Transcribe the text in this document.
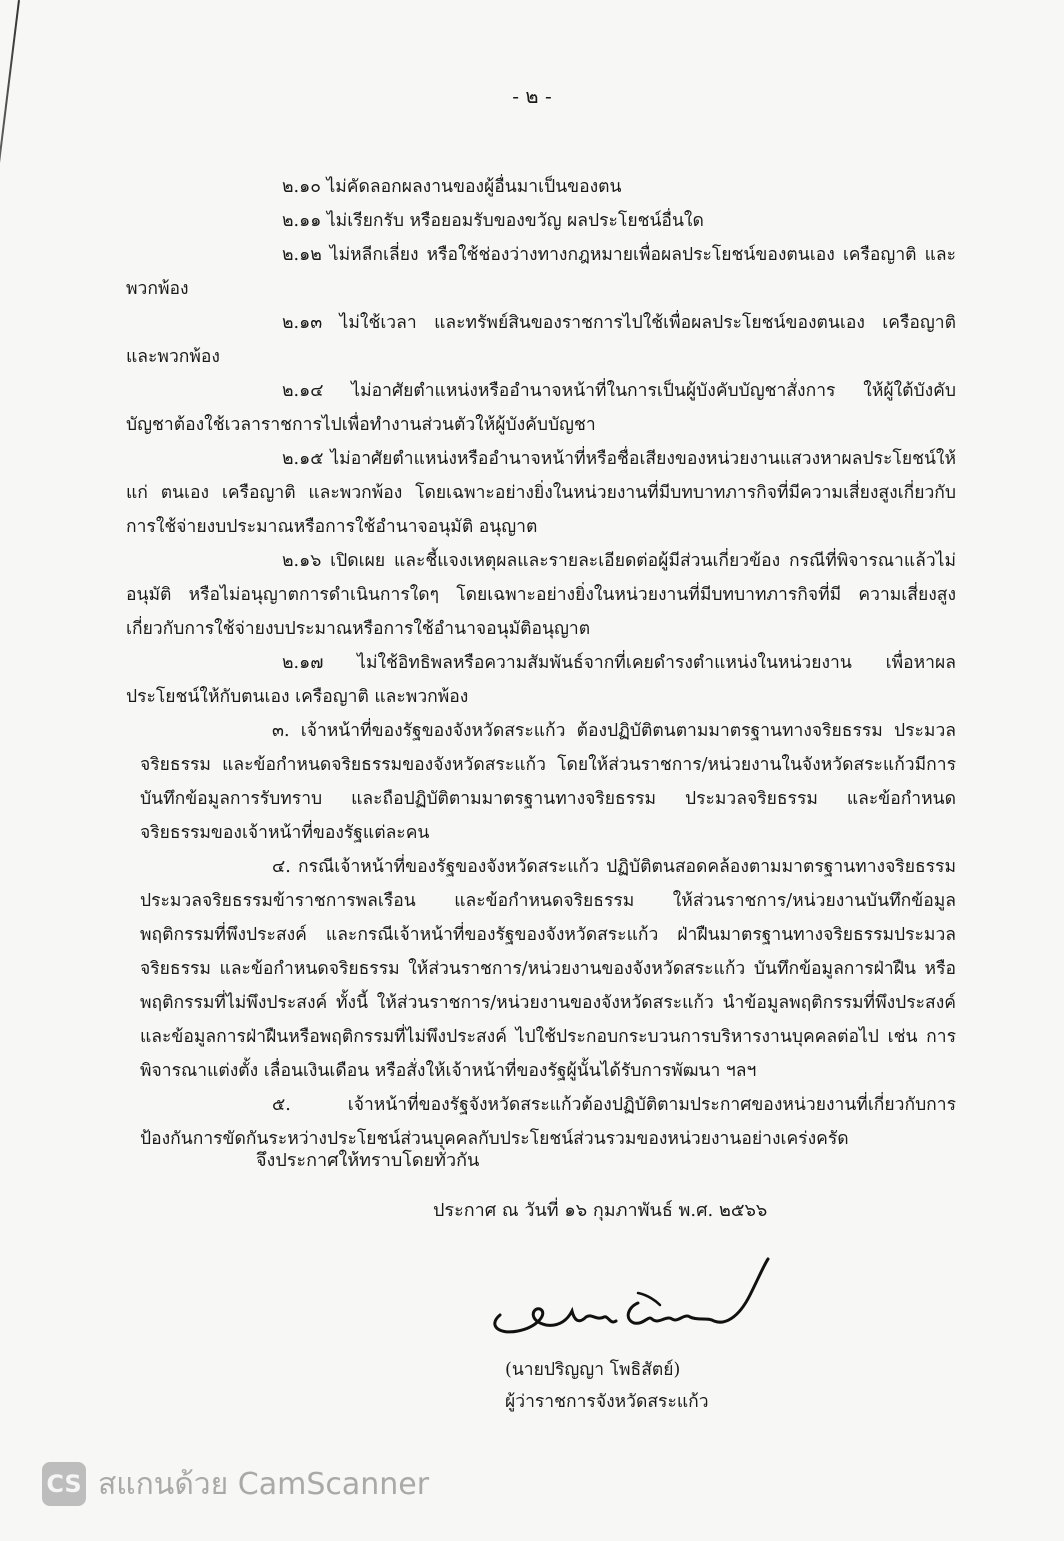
- ๒ -

๒.๑๐ ไม่คัดลอกผลงานของผู้อื่นมาเป็นของตน

๒.๑๑ ไม่เรียกรับ หรือยอมรับของขวัญ ผลประโยชน์อื่นใด

๒.๑๒ ไม่หลีกเลี่ยง หรือใช้ช่องว่างทางกฎหมายเพื่อผลประโยชน์ของตนเอง เครือญาติ และพวกพ้อง

๒.๑๓ ไม่ใช้เวลา และทรัพย์สินของราชการไปใช้เพื่อผลประโยชน์ของตนเอง เครือญาติ และพวกพ้อง

๒.๑๔ ไม่อาศัยตำแหน่งหรืออำนาจหน้าที่ในการเป็นผู้บังคับบัญชาสั่งการ ให้ผู้ใต้บังคับบัญชาต้องใช้เวลาราชการไปเพื่อทำงานส่วนตัวให้ผู้บังคับบัญชา

๒.๑๕ ไม่อาศัยตำแหน่งหรืออำนาจหน้าที่หรือชื่อเสียงของหน่วยงานแสวงหาผลประโยชน์ให้แก่ ตนเอง เครือญาติ และพวกพ้อง โดยเฉพาะอย่างยิ่งในหน่วยงานที่มีบทบาทภารกิจที่มีความเสี่ยงสูงเกี่ยวกับการใช้จ่ายงบประมาณหรือการใช้อำนาจอนุมัติ อนุญาต

๒.๑๖ เปิดเผย และชี้แจงเหตุผลและรายละเอียดต่อผู้มีส่วนเกี่ยวข้อง กรณีที่พิจารณาแล้วไม่อนุมัติ หรือไม่อนุญาตการดำเนินการใดๆ โดยเฉพาะอย่างยิ่งในหน่วยงานที่มีบทบาทภารกิจที่มี ความเสี่ยงสูงเกี่ยวกับการใช้จ่ายงบประมาณหรือการใช้อำนาจอนุมัติอนุญาต

๒.๑๗ ไม่ใช้อิทธิพลหรือความสัมพันธ์จากที่เคยดำรงตำแหน่งในหน่วยงาน เพื่อหาผลประโยชน์ให้กับตนเอง เครือญาติ และพวกพ้อง

๓. เจ้าหน้าที่ของรัฐของจังหวัดสระแก้ว ต้องปฏิบัติตนตามมาตรฐานทางจริยธรรม ประมวลจริยธรรม และข้อกำหนดจริยธรรมของจังหวัดสระแก้ว โดยให้ส่วนราชการ/หน่วยงานในจังหวัดสระแก้วมีการบันทึกข้อมูลการรับทราบ และถือปฏิบัติตามมาตรฐานทางจริยธรรม ประมวลจริยธรรม และข้อกำหนดจริยธรรมของเจ้าหน้าที่ของรัฐแต่ละคน

๔. กรณีเจ้าหน้าที่ของรัฐของจังหวัดสระแก้ว ปฏิบัติตนสอดคล้องตามมาตรฐานทางจริยธรรมประมวลจริยธรรมข้าราชการพลเรือน และข้อกำหนดจริยธรรม ให้ส่วนราชการ/หน่วยงานบันทึกข้อมูลพฤติกรรมที่พึงประสงค์ และกรณีเจ้าหน้าที่ของรัฐของจังหวัดสระแก้ว ฝ่าฝืนมาตรฐานทางจริยธรรมประมวลจริยธรรม และข้อกำหนดจริยธรรม ให้ส่วนราชการ/หน่วยงานของจังหวัดสระแก้ว บันทึกข้อมูลการฝ่าฝืน หรือพฤติกรรมที่ไม่พึงประสงค์ ทั้งนี้ ให้ส่วนราชการ/หน่วยงานของจังหวัดสระแก้ว นำข้อมูลพฤติกรรมที่พึงประสงค์และข้อมูลการฝ่าฝืนหรือพฤติกรรมที่ไม่พึงประสงค์ ไปใช้ประกอบกระบวนการบริหารงานบุคคลต่อไป เช่น การพิจารณาแต่งตั้ง เลื่อนเงินเดือน หรือสั่งให้เจ้าหน้าที่ของรัฐผู้นั้นได้รับการพัฒนา ฯลฯ

๕. เจ้าหน้าที่ของรัฐจังหวัดสระแก้วต้องปฏิบัติตามประกาศของหน่วยงานที่เกี่ยวกับการป้องกันการขัดกันระหว่างประโยชน์ส่วนบุคคลกับประโยชน์ส่วนรวมของหน่วยงานอย่างเคร่งครัด

จึงประกาศให้ทราบโดยทั่วกัน
ประกาศ ณ วันที่ ๑๖ กุมภาพันธ์ พ.ศ. ๒๕๖๖
(นายปริญญา โพธิสัตย์)
ผู้ว่าราชการจังหวัดสระแก้ว
CS สแกนด้วย CamScanner
